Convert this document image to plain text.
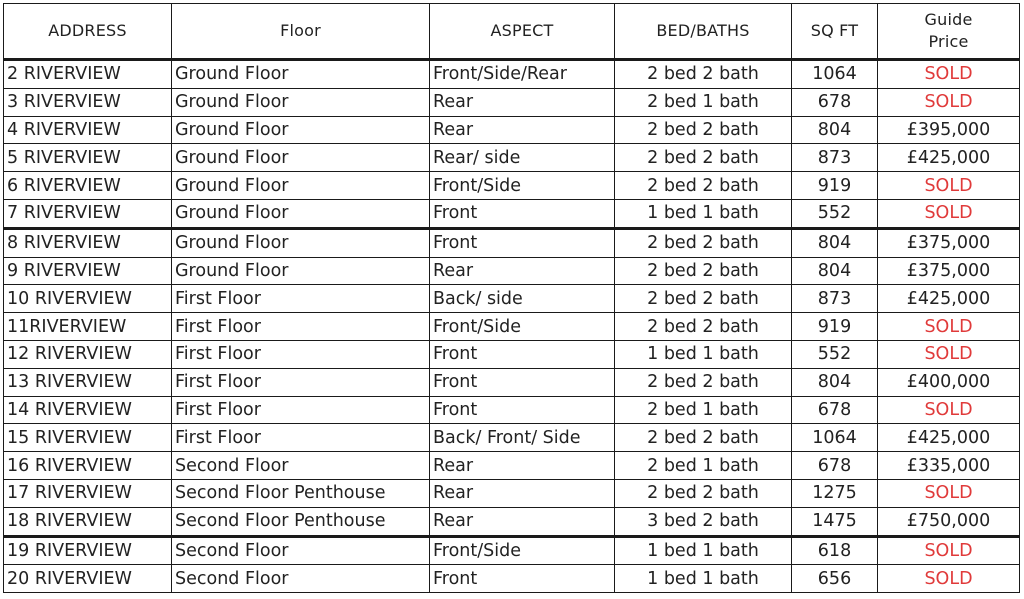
ADDRESS	Floor	ASPECT	BED/BATHS	SQ FT	Guide
Price

2 RIVERVIEW	Ground Floor	Front/Side/Rear	2 bed 2 bath	1064	SOLD
3 RIVERVIEW	Ground Floor	Rear	2 bed 1 bath	678	SOLD
4 RIVERVIEW	Ground Floor	Rear	2 bed 2 bath	804	£395,000
5 RIVERVIEW	Ground Floor	Rear/ side	2 bed 2 bath	873	£425,000
6 RIVERVIEW	Ground Floor	Front/Side	2 bed 2 bath	919	SOLD
7 RIVERVIEW	Ground Floor	Front	1 bed 1 bath	552	SOLD
8 RIVERVIEW	Ground Floor	Front	2 bed 2 bath	804	£375,000
9 RIVERVIEW	Ground Floor	Rear	2 bed 2 bath	804	£375,000
10 RIVERVIEW	First Floor	Back/ side	2 bed 2 bath	873	£425,000
11RIVERVIEW	First Floor	Front/Side	2 bed 2 bath	919	SOLD
12 RIVERVIEW	First Floor	Front	1 bed 1 bath	552	SOLD
13 RIVERVIEW	First Floor	Front	2 bed 2 bath	804	£400,000
14 RIVERVIEW	First Floor	Front	2 bed 1 bath	678	SOLD
15 RIVERVIEW	First Floor	Back/ Front/ Side	2 bed 2 bath	1064	£425,000
16 RIVERVIEW	Second Floor	Rear	2 bed 1 bath	678	£335,000
17 RIVERVIEW	Second Floor Penthouse	Rear	2 bed 2 bath	1275	SOLD
18 RIVERVIEW	Second Floor Penthouse	Rear	3 bed 2 bath	1475	£750,000
19 RIVERVIEW	Second Floor	Front/Side	1 bed 1 bath	618	SOLD
20 RIVERVIEW	Second Floor	Front	1 bed 1 bath	656	SOLD
